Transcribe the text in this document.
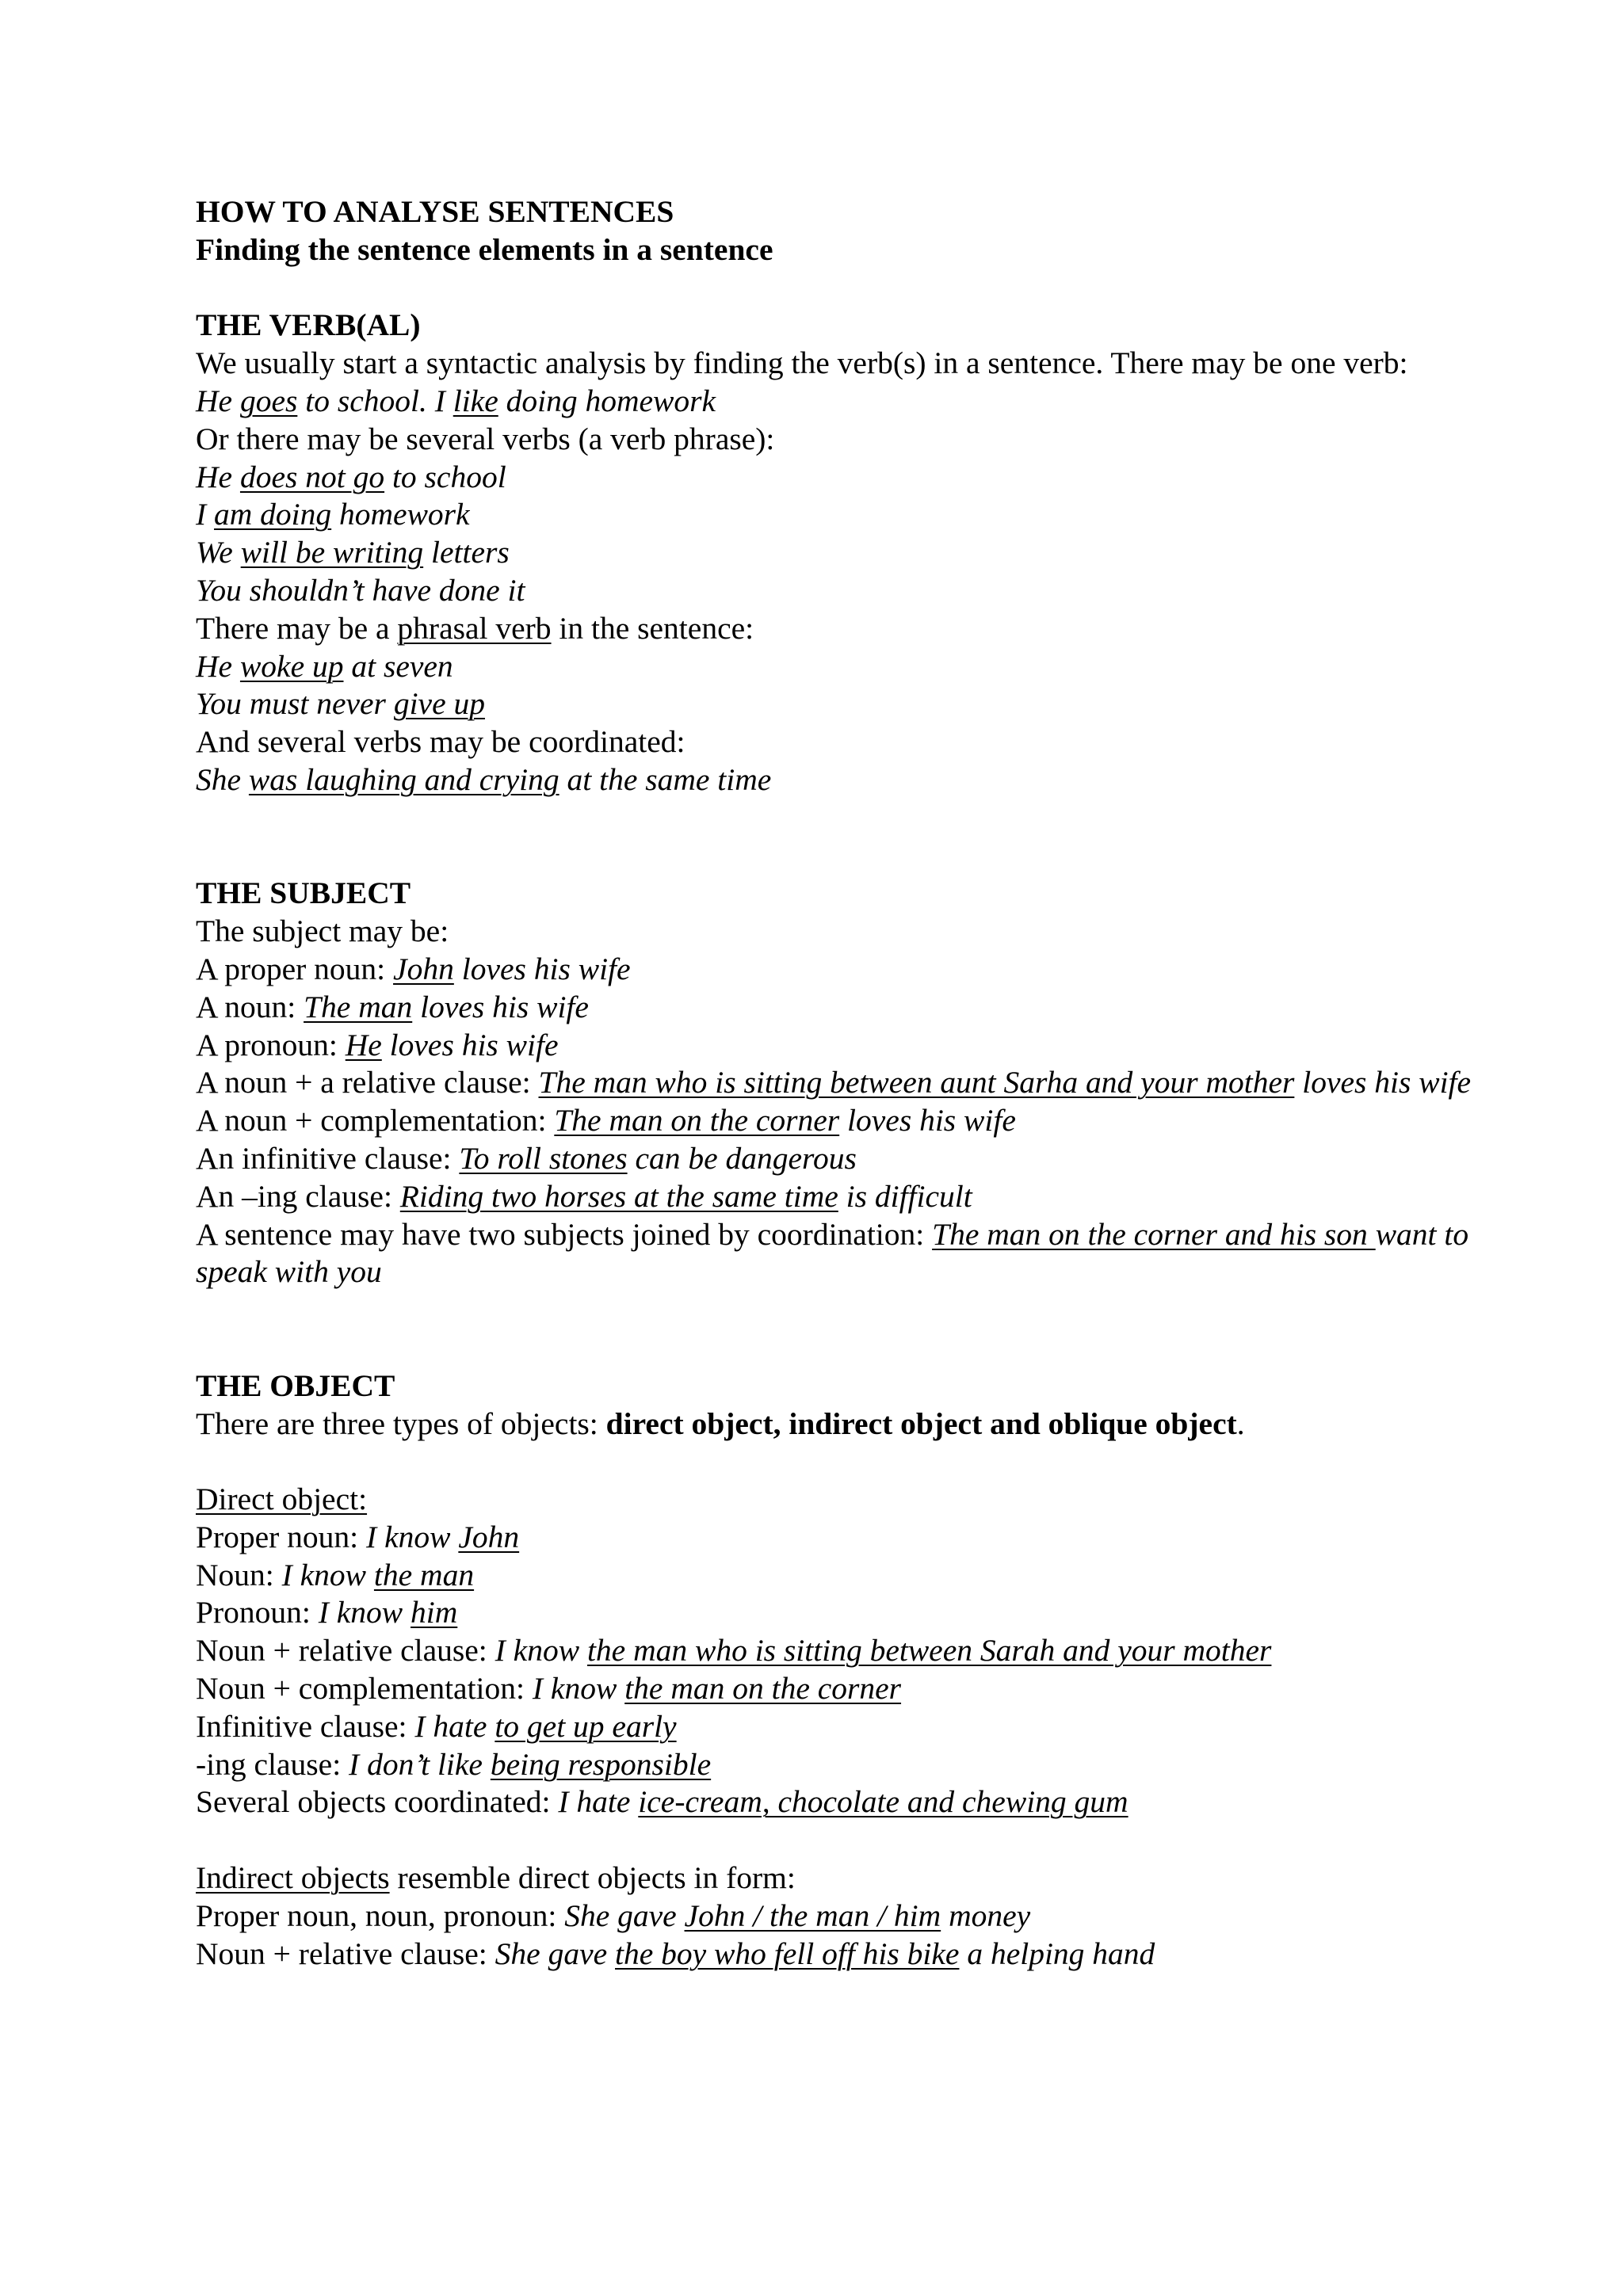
HOW TO ANALYSE SENTENCES
Finding the sentence elements in a sentence
THE VERB(AL)
We usually start a syntactic analysis by finding the verb(s) in a sentence. There may be one verb:
He goes to school. I like doing homework
Or there may be several verbs (a verb phrase):
He does not go to school
I am doing homework
We will be writing letters
You shouldn’t have done it
There may be a phrasal verb in the sentence:
He woke up at seven
You must never give up
And several verbs may be coordinated:
She was laughing and crying at the same time
THE SUBJECT
The subject may be:
A proper noun: John loves his wife
A noun: The man loves his wife
A pronoun: He loves his wife
A noun + a relative clause: The man who is sitting between aunt Sarha and your mother loves his wife
A noun + complementation: The man on the corner loves his wife
An infinitive clause: To roll stones can be dangerous
An –ing clause: Riding two horses at the same time is difficult
A sentence may have two subjects joined by coordination: The man on the corner and his son want to speak with you
THE OBJECT
There are three types of objects: direct object, indirect object and oblique object.
Direct object:
Proper noun: I know John
Noun: I know the man
Pronoun: I know him
Noun + relative clause: I know the man who is sitting between Sarah and your mother
Noun + complementation: I know the man on the corner
Infinitive clause: I hate to get up early
-ing clause: I don’t like being responsible
Several objects coordinated: I hate ice-cream, chocolate and chewing gum
Indirect objects resemble direct objects in form:
Proper noun, noun, pronoun: She gave John / the man / him money
Noun + relative clause: She gave the boy who fell off his bike a helping hand
